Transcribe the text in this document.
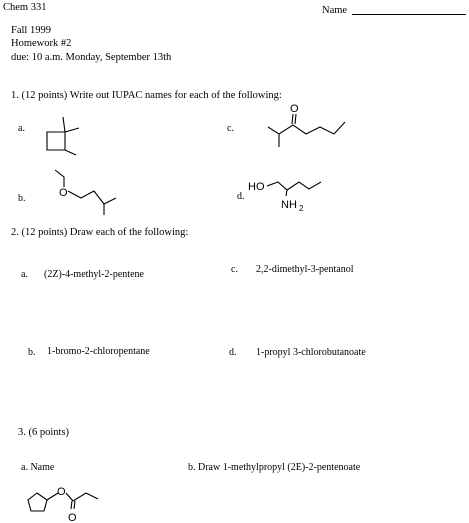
Chem 331	Name
Fall 1999
Homework #2
due: 10 a.m. Monday, September 13th
1. (12 points) Write out IUPAC names for each of the following:
a.	c.
O
b.	O	d.
HO
NH 2
2. (12 points) Draw each of the following:
a. (2Z)-4-methyl-2-pentene	c. 2,2-dimethyl-3-pentanol
b. 1-bromo-2-chloropentane	d. 1-propyl 3-chlorobutanoate
3. (6 points)
a. Name	b. Draw 1-methylpropyl (2E)-2-pentenoate
O
O
